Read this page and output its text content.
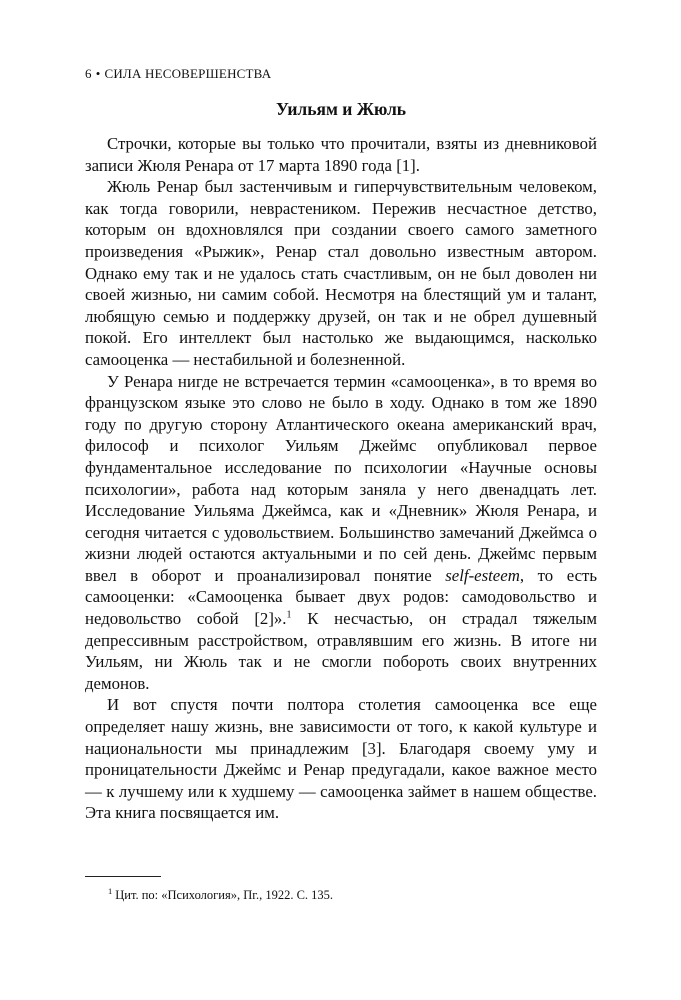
6 • СИЛА НЕСОВЕРШЕНСТВА
Уильям и Жюль

Строчки, которые вы только что прочитали, взяты из дневниковой записи Жюля Ренара от 17 марта 1890 года [1].

Жюль Ренар был застенчивым и гиперчувствительным человеком, как тогда говорили, неврастеником. Пережив несчастное детство, которым он вдохновлялся при создании своего самого заметного произведения «Рыжик», Ренар стал довольно известным автором. Однако ему так и не удалось стать счастливым, он не был доволен ни своей жизнью, ни самим собой. Несмотря на блестящий ум и талант, любящую семью и поддержку друзей, он так и не обрел душевный покой. Его интеллект был настолько же выдающимся, насколько самооценка — нестабильной и болезненной.

У Ренара нигде не встречается термин «самооценка», в то время во французском языке это слово не было в ходу. Однако в том же 1890 году по другую сторону Атлантического океана американский врач, философ и психолог Уильям Джеймс опубликовал первое фундаментальное исследование по психологии «Научные основы психологии», работа над которым заняла у него двенадцать лет. Исследование Уильяма Джеймса, как и «Дневник» Жюля Ренара, и сегодня читается с удовольствием. Большинство замечаний Джеймса о жизни людей остаются актуальными и по сей день. Джеймс первым ввел в оборот и проанализировал понятие self-esteem, то есть самооценки: «Самооценка бывает двух родов: самодовольство и недовольство собой [2]».$^1$ К несчастью, он страдал тяжелым депрессивным расстройством, отравлявшим его жизнь. В итоге ни Уильям, ни Жюль так и не смогли побороть своих внутренних демонов.

И вот спустя почти полтора столетия самооценка все еще определяет нашу жизнь, вне зависимости от того, к какой культуре и национальности мы принадлежим [3]. Благодаря своему уму и проницательности Джеймс и Ренар предугадали, какое важное место — к лучшему или к худшему — самооценка займет в нашем обществе. Эта книга посвящается им.

$^1$ Цит. по: «Психология», Пг., 1922. С. 135.
